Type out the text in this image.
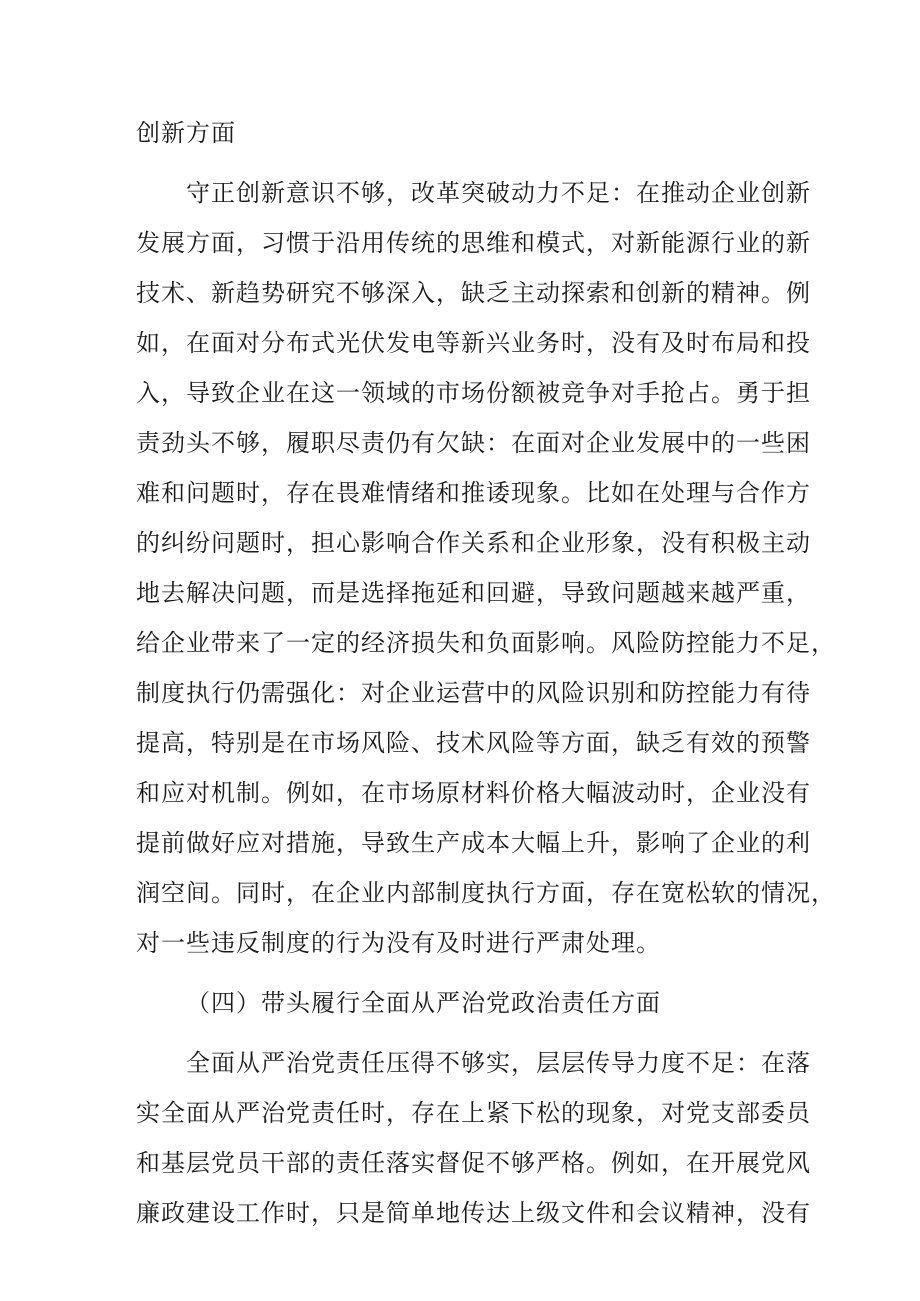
创新方面
守正创新意识不够，改革突破动力不足：在推动企业创新
发展方面，习惯于沿用传统的思维和模式，对新能源行业的新
技术、新趋势研究不够深入，缺乏主动探索和创新的精神。例
如，在面对分布式光伏发电等新兴业务时，没有及时布局和投
入，导致企业在这一领域的市场份额被竞争对手抢占。勇于担
责劲头不够，履职尽责仍有欠缺：在面对企业发展中的一些困
难和问题时，存在畏难情绪和推诿现象。比如在处理与合作方
的纠纷问题时，担心影响合作关系和企业形象，没有积极主动
地去解决问题，而是选择拖延和回避，导致问题越来越严重，
给企业带来了一定的经济损失和负面影响。风险防控能力不足，
制度执行仍需强化：对企业运营中的风险识别和防控能力有待
提高，特别是在市场风险、技术风险等方面，缺乏有效的预警
和应对机制。例如，在市场原材料价格大幅波动时，企业没有
提前做好应对措施，导致生产成本大幅上升，影响了企业的利
润空间。同时，在企业内部制度执行方面，存在宽松软的情况，
对一些违反制度的行为没有及时进行严肃处理。
（四）带头履行全面从严治党政治责任方面
全面从严治党责任压得不够实，层层传导力度不足：在落
实全面从严治党责任时，存在上紧下松的现象，对党支部委员
和基层党员干部的责任落实督促不够严格。例如，在开展党风
廉政建设工作时，只是简单地传达上级文件和会议精神，没有
